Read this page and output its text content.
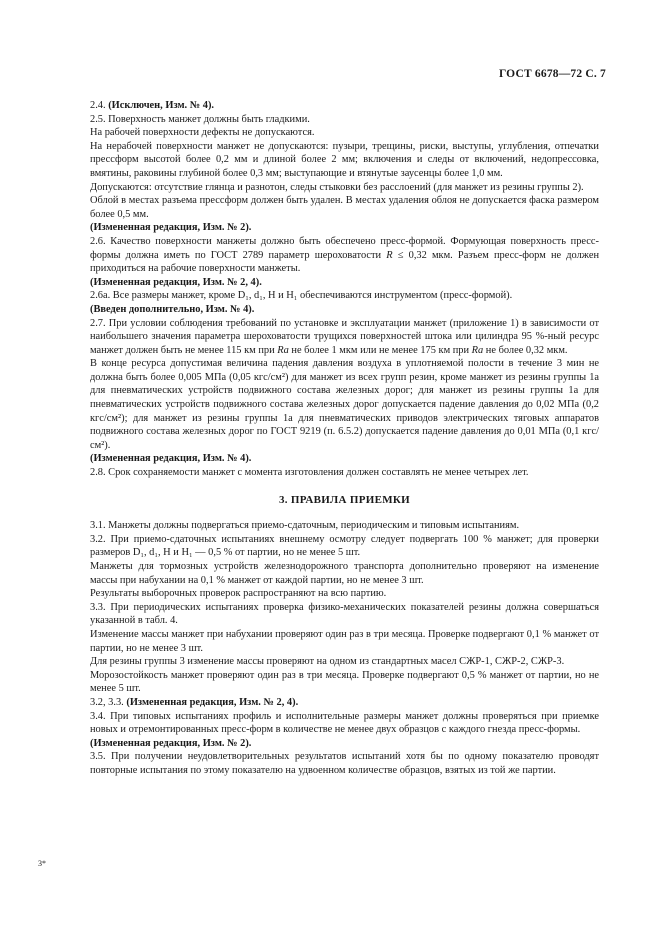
ГОСТ 6678—72 С. 7

2.4. (Исключен, Изм. № 4).

2.5. Поверхность манжет должны быть гладкими.

На рабочей поверхности дефекты не допускаются.

На нерабочей поверхности манжет не допускаются: пузыри, трещины, риски, выступы, углубления, отпечатки прессформ высотой более 0,2 мм и длиной более 2 мм; включения и следы от включений, недопрессовка, вмятины, раковины глубиной более 0,3 мм; выступающие и втянутые заусенцы более 1,0 мм.

Допускаются: отсутствие глянца и разнотон, следы стыковки без расслоений (для манжет из резины группы 2).

Облой в местах разъема прессформ должен быть удален. В местах удаления облоя не допускается фаска размером более 0,5 мм.

(Измененная редакция, Изм. № 2).

2.6. Качество поверхности манжеты должно быть обеспечено пресс-формой. Формующая поверхность пресс-формы должна иметь по ГОСТ 2789 параметр шероховатости R ≤ 0,32 мкм. Разъем пресс-форм не должен приходиться на рабочие поверхности манжеты.

(Измененная редакция, Изм. № 2, 4).

2.6а. Все размеры манжет, кроме D₁, d₁, H и H₁ обеспечиваются инструментом (пресс-формой).

(Введен дополнительно, Изм. № 4).

2.7. При условии соблюдения требований по установке и эксплуатации манжет (приложение 1) в зависимости от наибольшего значения параметра шероховатости трущихся поверхностей штока или цилиндра 95 %-ный ресурс манжет должен быть не менее 115 км при Ra не более 1 мкм или не менее 175 км при Ra не более 0,32 мкм.

В конце ресурса допустимая величина падения давления воздуха в уплотняемой полости в течение 3 мин не должна быть более 0,005 МПа (0,05 кгс/см²) для манжет из всех групп резин, кроме манжет из резины группы 1а для пневматических устройств подвижного состава железных дорог; для манжет из резины группы 1а для пневматических устройств подвижного состава железных дорог допускается падение давления до 0,02 МПа (0,2 кгс/см²); для манжет из резины группы 1а для пневматических приводов электрических тяговых аппаратов подвижного состава железных дорог по ГОСТ 9219 (п. 6.5.2) допускается падение давления до 0,01 МПа (0,1 кгс/см²).

(Измененная редакция, Изм. № 4).

2.8. Срок сохраняемости манжет с момента изготовления должен составлять не менее четырех лет.

3. ПРАВИЛА ПРИЕМКИ

3.1. Манжеты должны подвергаться приемо-сдаточным, периодическим и типовым испытаниям.

3.2. При приемо-сдаточных испытаниях внешнему осмотру следует подвергать 100 % манжет; для проверки размеров D₁, d₁, H и H₁ — 0,5 % от партии, но не менее 5 шт.

Манжеты для тормозных устройств железнодорожного транспорта дополнительно проверяют на изменение массы при набухании на 0,1 % манжет от каждой партии, но не менее 3 шт.

Результаты выборочных проверок распространяют на всю партию.

3.3. При периодических испытаниях проверка физико-механических показателей резины должна совершаться указанной в табл. 4.

Изменение массы манжет при набухании проверяют один раз в три месяца. Проверке подвергают 0,1 % манжет от партии, но не менее 3 шт.

Для резины группы 3 изменение массы проверяют на одном из стандартных масел СЖР-1, СЖР-2, СЖР-3.

Морозостойкость манжет проверяют один раз в три месяца. Проверке подвергают 0,5 % манжет от партии, но не менее 5 шт.

3.2, 3.3. (Измененная редакция, Изм. № 2, 4).

3.4. При типовых испытаниях профиль и исполнительные размеры манжет должны проверяться при приемке новых и отремонтированных пресс-форм в количестве не менее двух образцов с каждого гнезда пресс-формы.

(Измененная редакция, Изм. № 2).

3.5. При получении неудовлетворительных результатов испытаний хотя бы по одному показателю проводят повторные испытания по этому показателю на удвоенном количестве образцов, взятых из той же партии.

3*
